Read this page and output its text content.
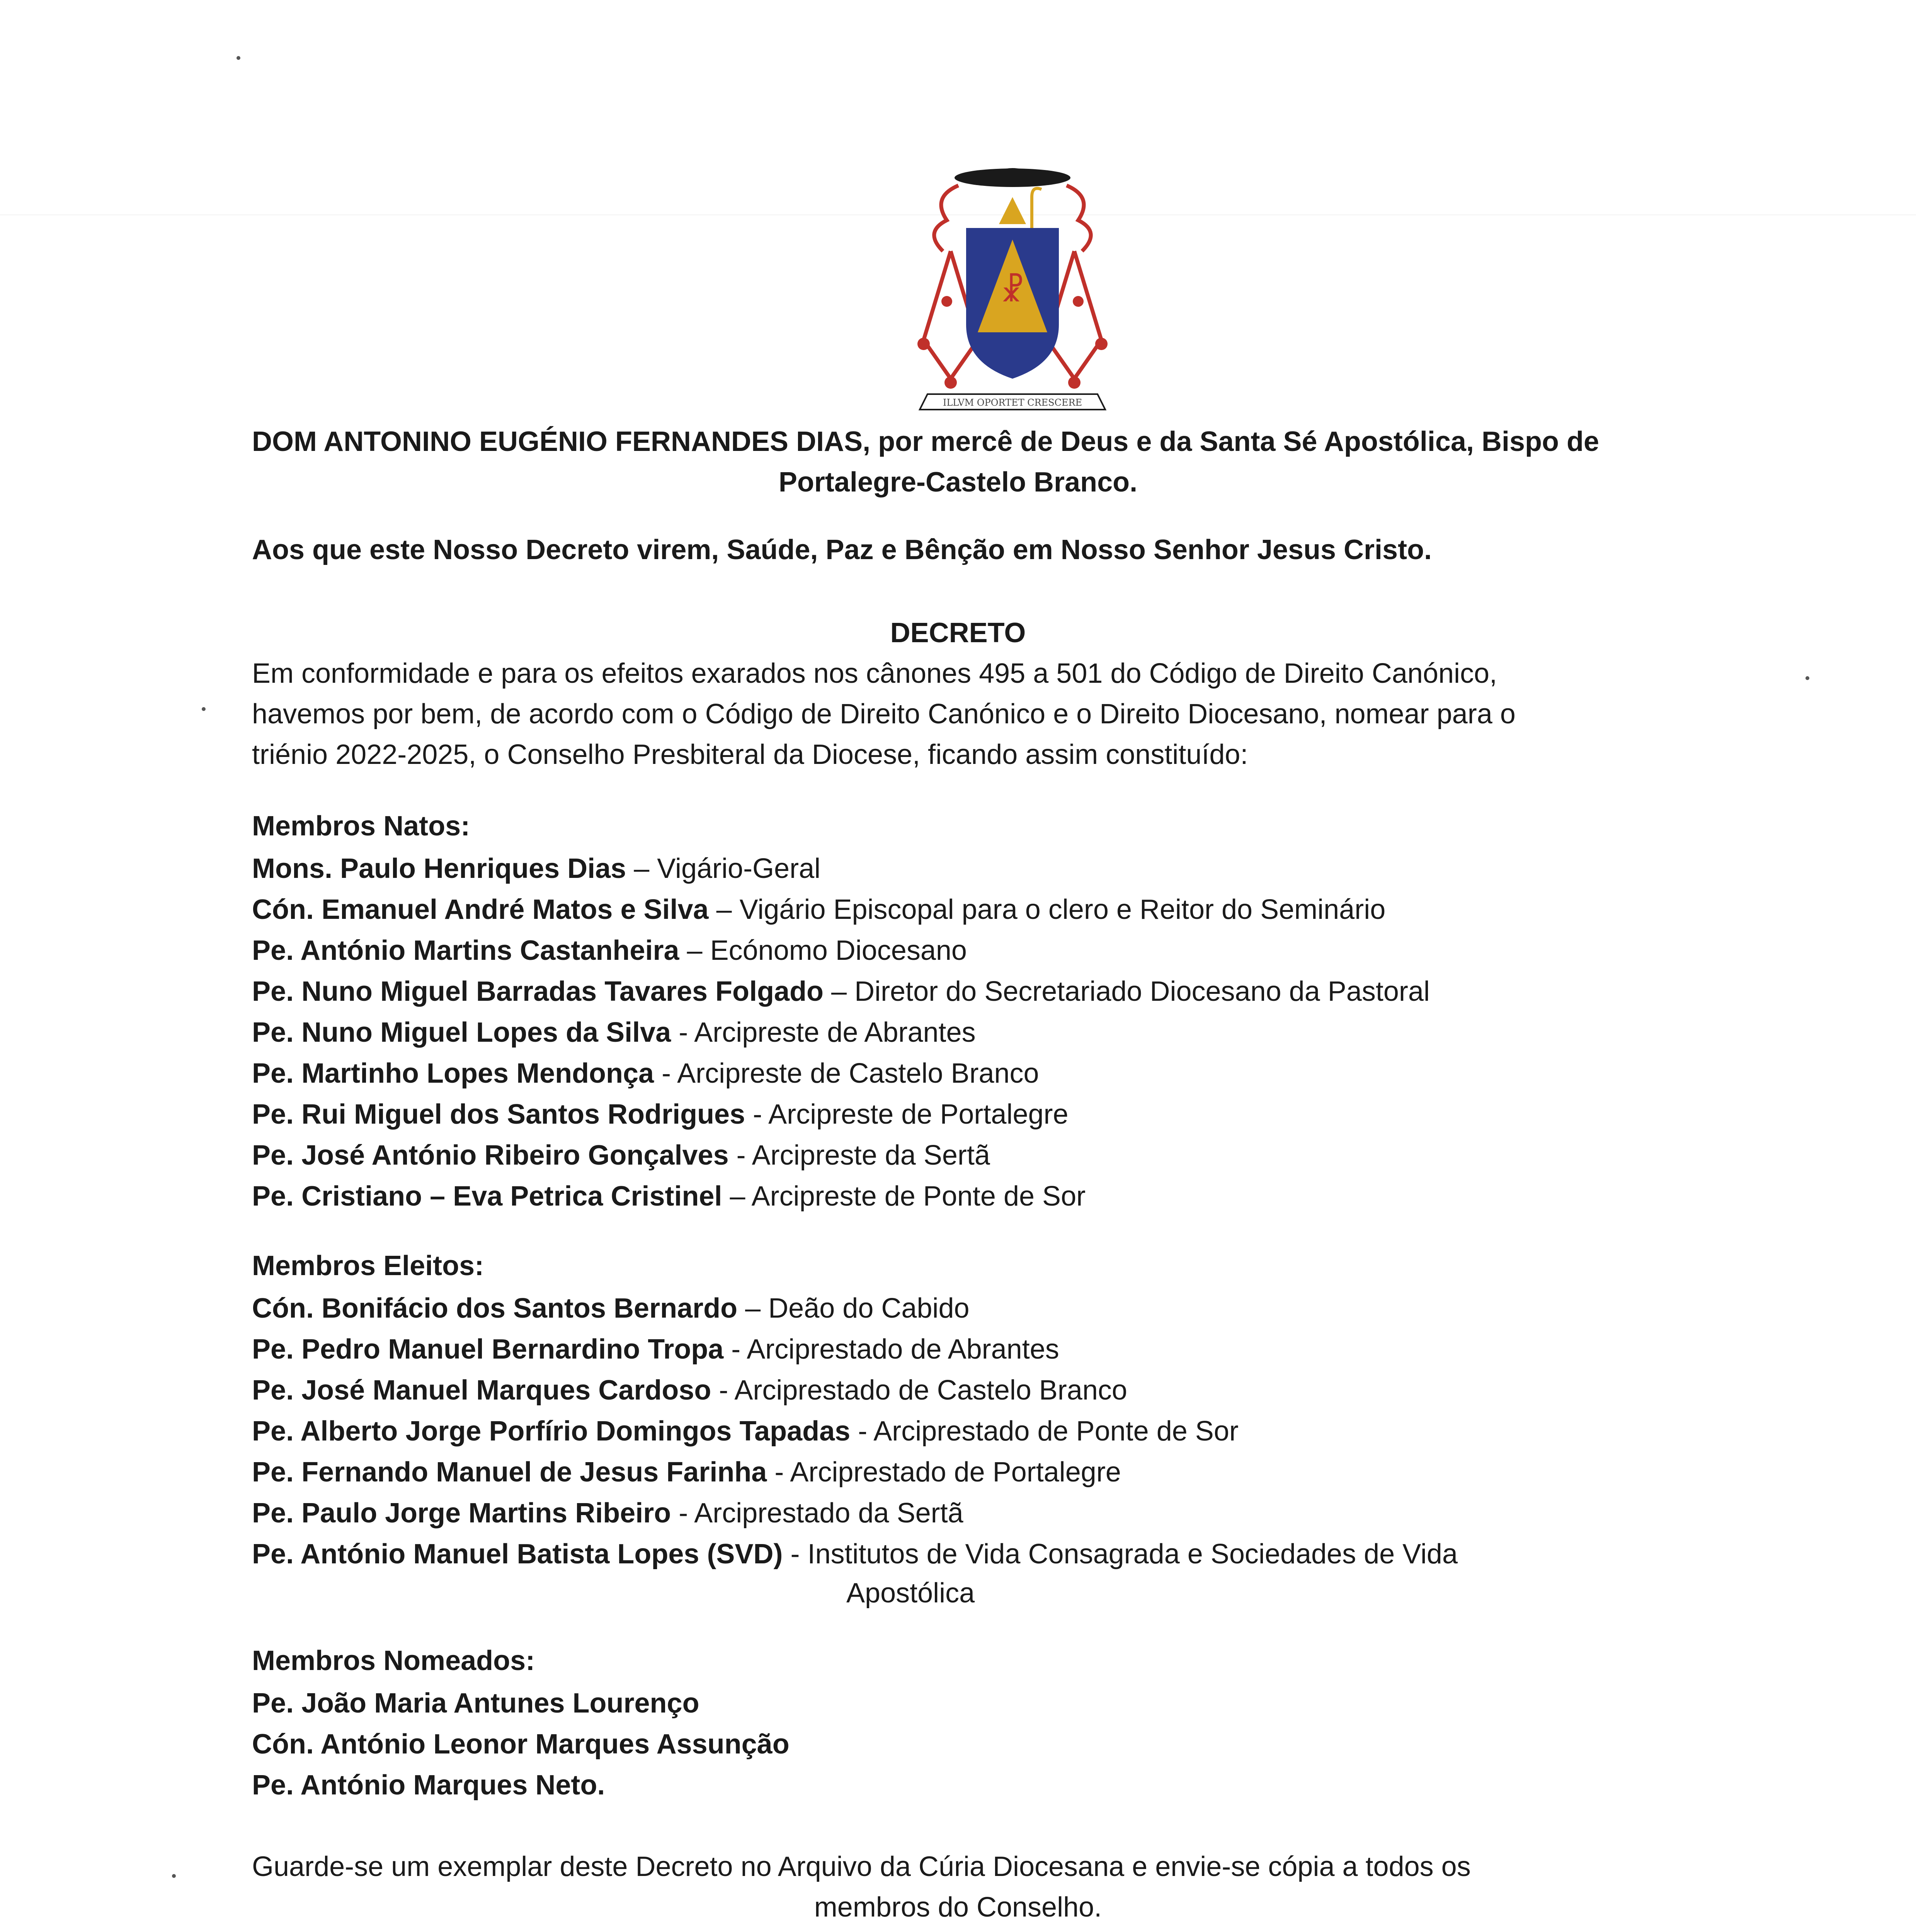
☧
ILLVM OPORTET CRESCERE
DOM ANTONINO EUGÉNIO FERNANDES DIAS, por mercê de Deus e da Santa Sé Apostólica, Bispo de
Portalegre-Castelo Branco.
Aos que este Nosso Decreto virem, Saúde, Paz e Bênção em Nosso Senhor Jesus Cristo.
DECRETO
Em conformidade e para os efeitos exarados nos cânones 495 a 501 do Código de Direito Canónico,
havemos por bem, de acordo com o Código de Direito Canónico e o Direito Diocesano, nomear para o
triénio 2022-2025, o Conselho Presbiteral da Diocese, ficando assim constituído:
Membros Natos:
Mons. Paulo Henriques Dias – Vigário-Geral
Cón. Emanuel André Matos e Silva – Vigário Episcopal para o clero e Reitor do Seminário
Pe. António Martins Castanheira – Ecónomo Diocesano
Pe. Nuno Miguel Barradas Tavares Folgado – Diretor do Secretariado Diocesano da Pastoral
Pe. Nuno Miguel Lopes da Silva - Arcipreste de Abrantes
Pe. Martinho Lopes Mendonça - Arcipreste de Castelo Branco
Pe. Rui Miguel dos Santos Rodrigues - Arcipreste de Portalegre
Pe. José António Ribeiro Gonçalves - Arcipreste da Sertã
Pe. Cristiano – Eva Petrica Cristinel – Arcipreste de Ponte de Sor
Membros Eleitos:
Cón. Bonifácio dos Santos Bernardo – Deão do Cabido
Pe. Pedro Manuel Bernardino Tropa - Arciprestado de Abrantes
Pe. José Manuel Marques Cardoso - Arciprestado de Castelo Branco
Pe. Alberto Jorge Porfírio Domingos Tapadas - Arciprestado de Ponte de Sor
Pe. Fernando Manuel de Jesus Farinha - Arciprestado de Portalegre
Pe. Paulo Jorge Martins Ribeiro - Arciprestado da Sertã
Pe. António Manuel Batista Lopes (SVD) - Institutos de Vida Consagrada e Sociedades de Vida
Apostólica
Membros Nomeados:
Pe. João Maria Antunes Lourenço
Cón. António Leonor Marques Assunção
Pe. António Marques Neto.
Guarde-se um exemplar deste Decreto no Arquivo da Cúria Diocesana e envie-se cópia a todos os
membros do Conselho.
